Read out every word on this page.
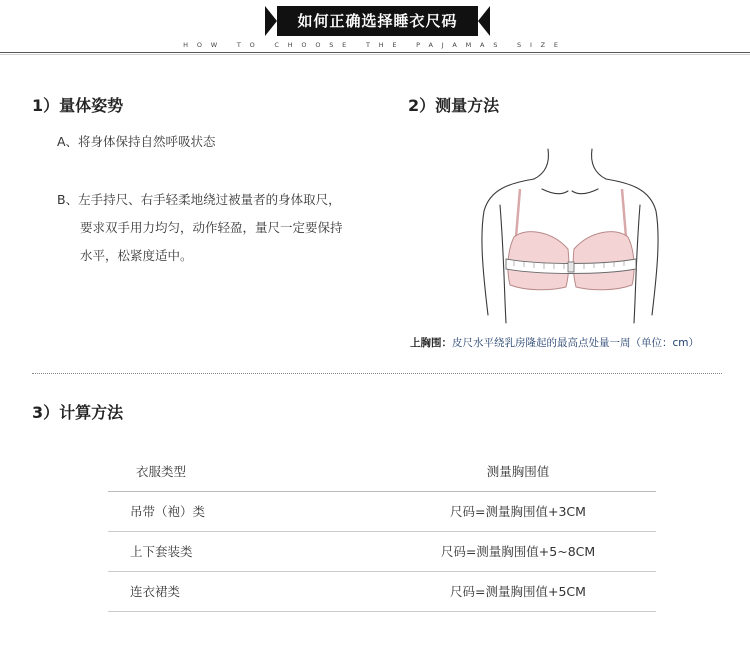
如何正确选择睡衣尺码
HOW TO CHOOSE THE PAJAMAS SIZE
1）量体姿势
A、将身体保持自然呼吸状态
B、左手持尺、右手轻柔地绕过被量者的身体取尺，
要求双手用力均匀，动作轻盈，量尺一定要保持
水平，松紧度适中。
2）测量方法
上胸围：皮尺水平绕乳房隆起的最高点处量一周（单位：cm）
3）计算方法
衣服类型	测量胸围值
吊带（袍）类	尺码=测量胸围值+3CM
上下套装类	尺码=测量胸围值+5~8CM
连衣裙类	尺码=测量胸围值+5CM
